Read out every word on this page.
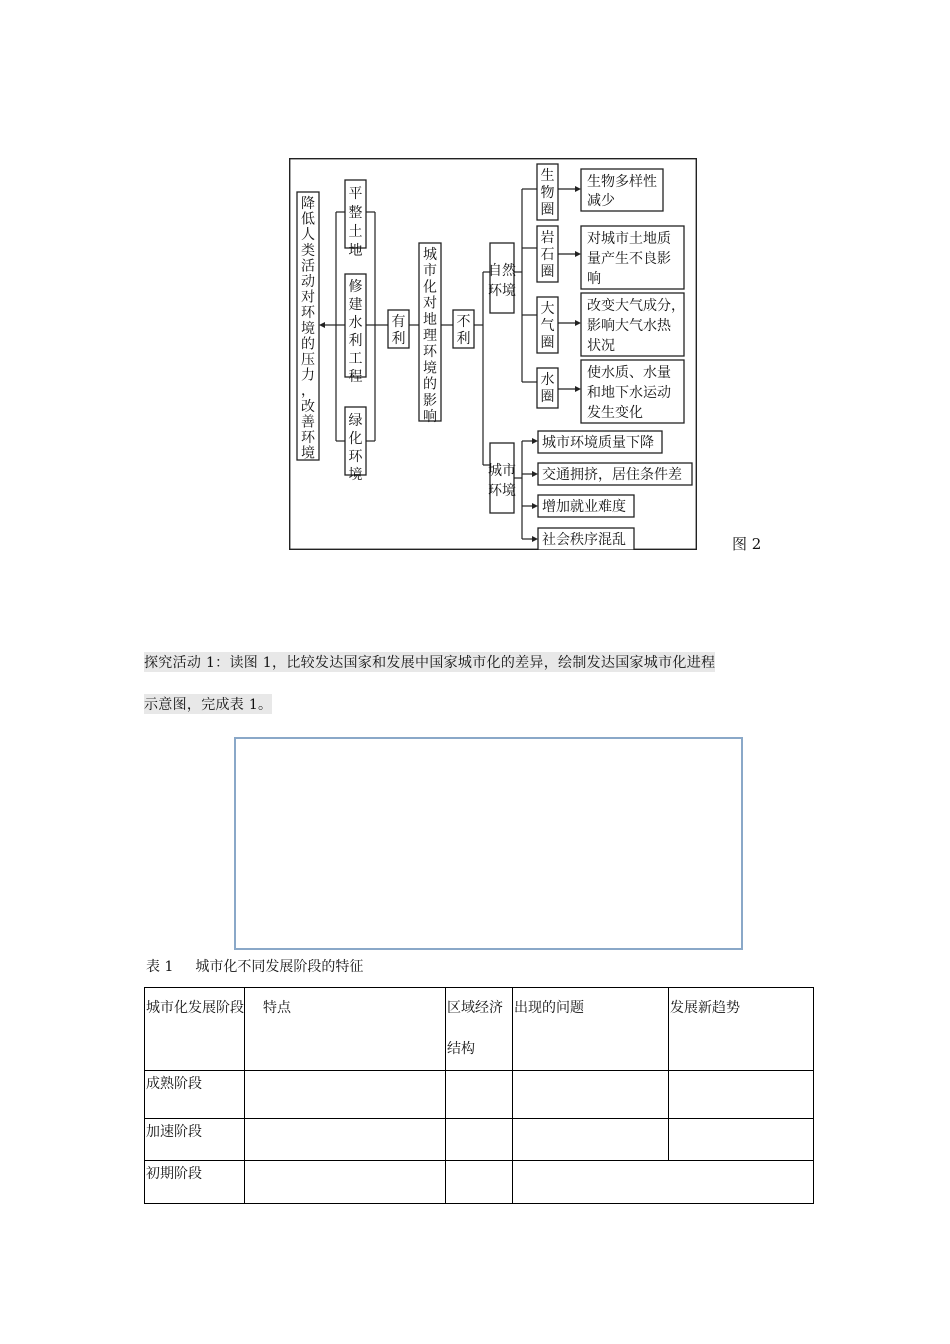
降低人类活动对环境的压力，改善环境
平整土地
修建水利工程
绿化环境
有利
城市化对地理环境的影响
不利
自然环境
生物圈
岩石圈
大气圈
水圈
生物多样性减少
对城市土地质量产生不良影响
改变大气成分，影响大气水热状况
使水质、水量和地下水运动发生变化
城市环境
城市环境质量下降
交通拥挤，居住条件差
增加就业难度
社会秩序混乱	图 2
探究活动 1：读图 1，比较发达国家和发展中国家城市化的差异，绘制发达国家城市化进程
示意图，完成表 1。
表 1 城市化不同发展阶段的特征
城市化发展阶段	特点	区域经济结构	出现的问题	发展新趋势
成熟阶段				
加速阶段				
初期阶段				
